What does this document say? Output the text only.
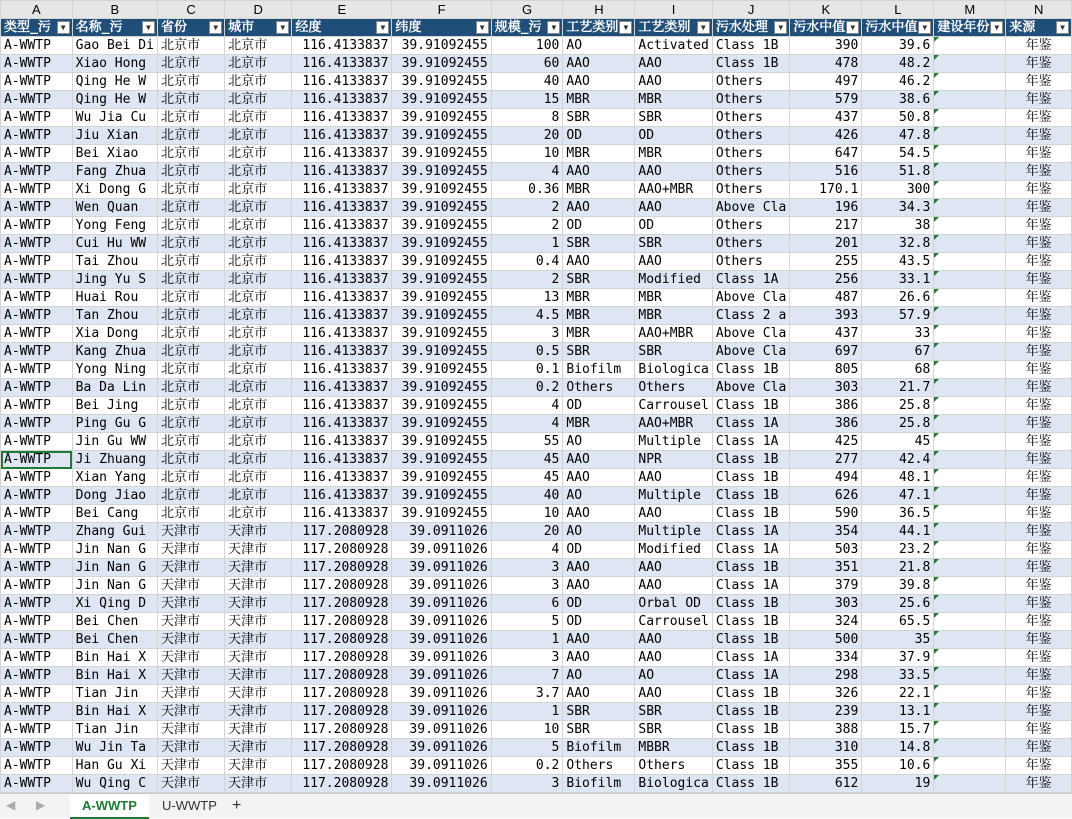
A	B	C	D	E	F	G	H	I	J	K	L	M	N
类型_污 ▼	名称_污 ▼	省份 ▼	城市 ▼	经度 ▼	纬度 ▼	规模_污 ▼	工艺类别 ▼	工艺类别 ▼	污水处理 ▼	污水中值 ▼	污水中值 ▼	建设年份 ▼	来源 ▼

A-WWTP	Gao Bei Di	北京市	北京市	116.4133837	39.91092455	100	AO	Activated	Class 1B	390	39.6		年鉴
A-WWTP	Xiao Hong	北京市	北京市	116.4133837	39.91092455	60	AAO	AAO	Class 1B	478	48.2		年鉴
A-WWTP	Qing He W	北京市	北京市	116.4133837	39.91092455	40	AAO	AAO	Others	497	46.2		年鉴
A-WWTP	Qing He W	北京市	北京市	116.4133837	39.91092455	15	MBR	MBR	Others	579	38.6		年鉴
A-WWTP	Wu Jia Cu	北京市	北京市	116.4133837	39.91092455	8	SBR	SBR	Others	437	50.8		年鉴
A-WWTP	Jiu Xian	北京市	北京市	116.4133837	39.91092455	20	OD	OD	Others	426	47.8		年鉴
A-WWTP	Bei Xiao	北京市	北京市	116.4133837	39.91092455	10	MBR	MBR	Others	647	54.5		年鉴
A-WWTP	Fang Zhua	北京市	北京市	116.4133837	39.91092455	4	AAO	AAO	Others	516	51.8		年鉴
A-WWTP	Xi Dong G	北京市	北京市	116.4133837	39.91092455	0.36	MBR	AAO+MBR	Others	170.1	300		年鉴
A-WWTP	Wen Quan	北京市	北京市	116.4133837	39.91092455	2	AAO	AAO	Above Cla	196	34.3		年鉴
A-WWTP	Yong Feng	北京市	北京市	116.4133837	39.91092455	2	OD	OD	Others	217	38		年鉴
A-WWTP	Cui Hu WW	北京市	北京市	116.4133837	39.91092455	1	SBR	SBR	Others	201	32.8		年鉴
A-WWTP	Tai Zhou	北京市	北京市	116.4133837	39.91092455	0.4	AAO	AAO	Others	255	43.5		年鉴
A-WWTP	Jing Yu S	北京市	北京市	116.4133837	39.91092455	2	SBR	Modified	Class 1A	256	33.1		年鉴
A-WWTP	Huai Rou	北京市	北京市	116.4133837	39.91092455	13	MBR	MBR	Above Cla	487	26.6		年鉴
A-WWTP	Tan Zhou	北京市	北京市	116.4133837	39.91092455	4.5	MBR	MBR	Class 2 a	393	57.9		年鉴
A-WWTP	Xia Dong	北京市	北京市	116.4133837	39.91092455	3	MBR	AAO+MBR	Above Cla	437	33		年鉴
A-WWTP	Kang Zhua	北京市	北京市	116.4133837	39.91092455	0.5	SBR	SBR	Above Cla	697	67		年鉴
A-WWTP	Yong Ning	北京市	北京市	116.4133837	39.91092455	0.1	Biofilm	Biologica	Class 1B	805	68		年鉴
A-WWTP	Ba Da Lin	北京市	北京市	116.4133837	39.91092455	0.2	Others	Others	Above Cla	303	21.7		年鉴
A-WWTP	Bei Jing	北京市	北京市	116.4133837	39.91092455	4	OD	Carrousel	Class 1B	386	25.8		年鉴
A-WWTP	Ping Gu G	北京市	北京市	116.4133837	39.91092455	4	MBR	AAO+MBR	Class 1A	386	25.8		年鉴
A-WWTP	Jin Gu WW	北京市	北京市	116.4133837	39.91092455	55	AO	Multiple	Class 1A	425	45		年鉴
A-WWTP	Ji Zhuang	北京市	北京市	116.4133837	39.91092455	45	AAO	NPR	Class 1B	277	42.4		年鉴
A-WWTP	Xian Yang	北京市	北京市	116.4133837	39.91092455	45	AAO	AAO	Class 1B	494	48.1		年鉴
A-WWTP	Dong Jiao	北京市	北京市	116.4133837	39.91092455	40	AO	Multiple	Class 1B	626	47.1		年鉴
A-WWTP	Bei Cang	北京市	北京市	116.4133837	39.91092455	10	AAO	AAO	Class 1B	590	36.5		年鉴
A-WWTP	Zhang Gui	天津市	天津市	117.2080928	39.0911026	20	AO	Multiple	Class 1A	354	44.1		年鉴
A-WWTP	Jin Nan G	天津市	天津市	117.2080928	39.0911026	4	OD	Modified	Class 1A	503	23.2		年鉴
A-WWTP	Jin Nan G	天津市	天津市	117.2080928	39.0911026	3	AAO	AAO	Class 1B	351	21.8		年鉴
A-WWTP	Jin Nan G	天津市	天津市	117.2080928	39.0911026	3	AAO	AAO	Class 1A	379	39.8		年鉴
A-WWTP	Xi Qing D	天津市	天津市	117.2080928	39.0911026	6	OD	Orbal OD	Class 1B	303	25.6		年鉴
A-WWTP	Bei Chen	天津市	天津市	117.2080928	39.0911026	5	OD	Carrousel	Class 1B	324	65.5		年鉴
A-WWTP	Bei Chen	天津市	天津市	117.2080928	39.0911026	1	AAO	AAO	Class 1B	500	35		年鉴
A-WWTP	Bin Hai X	天津市	天津市	117.2080928	39.0911026	3	AAO	AAO	Class 1A	334	37.9		年鉴
A-WWTP	Bin Hai X	天津市	天津市	117.2080928	39.0911026	7	AO	AO	Class 1A	298	33.5		年鉴
A-WWTP	Tian Jin	天津市	天津市	117.2080928	39.0911026	3.7	AAO	AAO	Class 1B	326	22.1		年鉴
A-WWTP	Bin Hai X	天津市	天津市	117.2080928	39.0911026	1	SBR	SBR	Class 1B	239	13.1		年鉴
A-WWTP	Tian Jin	天津市	天津市	117.2080928	39.0911026	10	SBR	SBR	Class 1B	388	15.7		年鉴
A-WWTP	Wu Jin Ta	天津市	天津市	117.2080928	39.0911026	5	Biofilm	MBBR	Class 1B	310	14.8		年鉴
A-WWTP	Han Gu Xi	天津市	天津市	117.2080928	39.0911026	0.2	Others	Others	Class 1B	355	10.6		年鉴
A-WWTP	Wu Qing C	天津市	天津市	117.2080928	39.0911026	3	Biofilm	Biologica	Class 1B	612	19		年鉴
◀ ▶	A-WWTP	U-WWTP +
